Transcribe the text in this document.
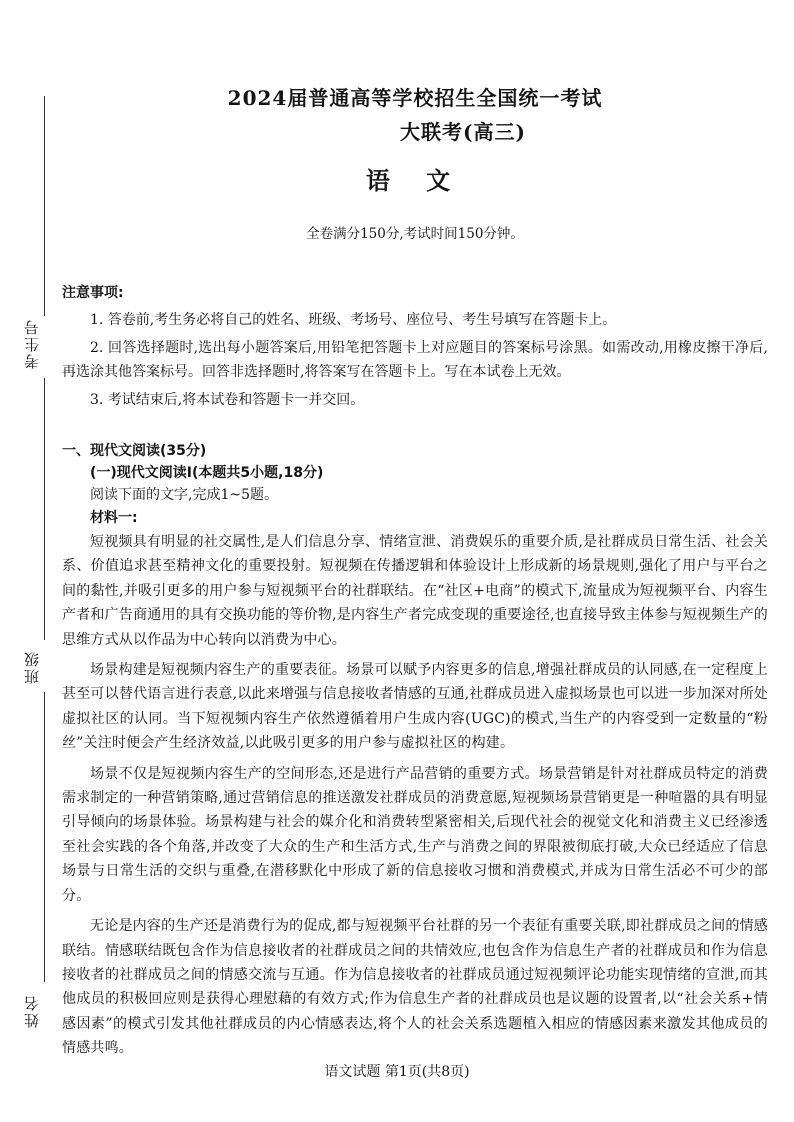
考生号
班级
姓名
2024届普通高等学校招生全国统一考试
大联考(高三)
语 文
全卷满分150分,考试时间150分钟。
注意事项:

1. 答卷前,考生务必将自己的姓名、班级、考场号、座位号、考生号填写在答题卡上。

2. 回答选择题时,选出每小题答案后,用铅笔把答题卡上对应题目的答案标号涂黑。如需改动,用橡皮擦干净后,再选涂其他答案标号。回答非选择题时,将答案写在答题卡上。写在本试卷上无效。

3. 考试结束后,将本试卷和答题卡一并交回。

一、现代文阅读(35分)
(一)现代文阅读Ⅰ(本题共5小题,18分)
阅读下面的文字,完成1~5题。
材料一:

短视频具有明显的社交属性,是人们信息分享、情绪宣泄、消费娱乐的重要介质,是社群成员日常生活、社会关系、价值追求甚至精神文化的重要投射。短视频在传播逻辑和体验设计上形成新的场景规则,强化了用户与平台之间的黏性,并吸引更多的用户参与短视频平台的社群联结。在“社区+电商”的模式下,流量成为短视频平台、内容生产者和广告商通用的具有交换功能的等价物,是内容生产者完成变现的重要途径,也直接导致主体参与短视频生产的思维方式从以作品为中心转向以消费为中心。

场景构建是短视频内容生产的重要表征。场景可以赋予内容更多的信息,增强社群成员的认同感,在一定程度上甚至可以替代语言进行表意,以此来增强与信息接收者情感的互通,社群成员进入虚拟场景也可以进一步加深对所处虚拟社区的认同。当下短视频内容生产依然遵循着用户生成内容(UGC)的模式,当生产的内容受到一定数量的“粉丝”关注时便会产生经济效益,以此吸引更多的用户参与虚拟社区的构建。

场景不仅是短视频内容生产的空间形态,还是进行产品营销的重要方式。场景营销是针对社群成员特定的消费需求制定的一种营销策略,通过营销信息的推送激发社群成员的消费意愿,短视频场景营销更是一种喧嚣的具有明显引导倾向的场景体验。场景构建与社会的媒介化和消费转型紧密相关,后现代社会的视觉文化和消费主义已经渗透至社会实践的各个角落,并改变了大众的生产和生活方式,生产与消费之间的界限被彻底打破,大众已经适应了信息场景与日常生活的交织与重叠,在潜移默化中形成了新的信息接收习惯和消费模式,并成为日常生活必不可少的部分。

无论是内容的生产还是消费行为的促成,都与短视频平台社群的另一个表征有重要关联,即社群成员之间的情感联结。情感联结既包含作为信息接收者的社群成员之间的共情效应,也包含作为信息生产者的社群成员和作为信息接收者的社群成员之间的情感交流与互通。作为信息接收者的社群成员通过短视频评论功能实现情绪的宣泄,而其他成员的积极回应则是获得心理慰藉的有效方式;作为信息生产者的社群成员也是议题的设置者,以“社会关系+情感因素”的模式引发其他社群成员的内心情感表达,将个人的社会关系选题植入相应的情感因素来激发其他成员的情感共鸣。

语文试题 第1页(共8页)
